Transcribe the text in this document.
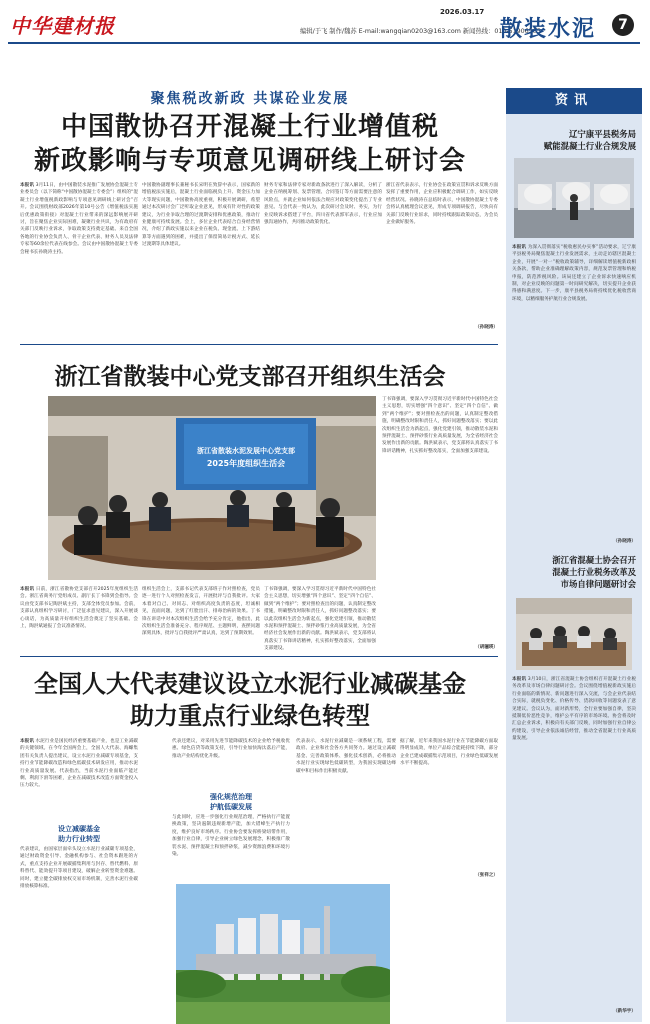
中华建材报
2026.03.17
编辑/于飞 制作/魏苏 E-mail:wangqian0203@163.com 新闻热线：010-51906505
散装水泥	7
聚焦税改新政 共谋砼业发展
中国散协召开混凝土行业增值税
新政影响与专项意见调研线上研讨会
本报讯 3月11日，由中国散装水泥推广发展协会混凝土专业委员会（以下简称“中国散协混凝土专委会”）组织的“混凝土行业增值税新政影响与专项意见调研线上研讨会”召开。会议围绕财政部2026年第10号公告《增值税法实施后优惠政策衔接》对混凝土行业带来的深远影响展开研讨，旨在聚焦企业实际困难，凝聚行业共识，为有政府有关部门反映行业诉求，争取政策支持奠定基础。来自全国各地的行业协会负责人、骨干企业代表、财务人员及法律专家等60余位代表在线参会。会议由中国散协混凝土专委会秘书长孙晓涛主持。
中国散协副理事长兼秘书长宋明在致辞中表示，国家新的增值税法实施后，混凝土行业面临税负上升、资金压力加大等现实问题，中国散协高度重视，积极开展调研，希望通过本次研讨会广泛听取企业意见，形成有针对性的政策建议，为行业争取合理的过渡期安排和优惠政策，推动行业健康可持续发展。会上，多位企业代表结合自身经营情况，介绍了新政实施以来企业在税负、现金流、上下游结算等方面遇到的困难，并提出了保留简易计税方式、延长过渡期等具体建议。
财务专家和法律专家对新政条款进行了深入解读，分析了企业在纳税筹划、发票管理、合同签订等方面需要注意的风险点，并就企业如何依法合规应对政策变化提出了专业意见。与会代表一致认为，此次研讨会及时、务实，为行业反映诉求搭建了平台，四川省代表郭军表示，行业应加强沟通协作，共同推动政策优化。
浙江省代表表示，行业协会在政策宣贯和诉求反映方面发挥了重要作用，企业应积极配合调研工作，如实反映经营状况。孙晓涛在总结时表示，中国散协混凝土专委会将认真梳理会议意见，形成专项调研报告，尽快向有关部门反映行业诉求，同时持续跟踪政策动态，为会员企业做好服务。
（孙晓涛）
浙江省散装中心党支部召开组织生活会
浙江省散装水泥发展中心党支部
2025年度组织生活会
本报讯 日前，浙江省散协党支部召开2025年度组织生活会。浙江省商务厅党组成员、副厅长丁书锋到会指导。会议由党支部书记陶洪斌主持，支部全体党员参加。会前，支部认真组织学习研讨，广泛征求意见建议，深入开展谈心谈话，为高质量开好组织生活会奠定了坚实基础。会上，陶洪斌通报了会议准备情况、
组织生活会上，支部书记代表支部班子作对照检查，党员逐一进行个人对照检查发言，开展批评与自我批评。大家本着对自己、对同志、对组织高度负责的态度，坦诚相见，直面问题，达到了红脸出汗、排毒治病的效果。丁书锋在讲话中对本次组织生活会给予充分肯定，他指出，此次组织生活会准备充分、程序规范、主题鲜明，查摆问题深刻具体，批评与自我批评严肃认真，达到了预期效果。
丁书锋强调，要深入学习贯彻习近平新时代中国特色社会主义思想，切实增强“四个意识”、坚定“四个自信”、做到“两个维护”；要对照检查出的问题，认真制定整改措施，明确整改时限和责任人，抓好问题整改落实；要以此次组织生活会为新起点，强化党建引领，推动散装水泥和预拌混凝土、预拌砂浆行业高质量发展，为全省经济社会发展作出新的贡献。陶洪斌表示，党支部将认真落实丁书锋讲话精神，扎实抓好整改落实，全面加强支部建设。
丁书锋强调，要深入学习贯彻习近平新时代中国特色社会主义思想，切实增强“四个意识”、坚定“四个自信”、做到“两个维护”；要对照检查出的问题，认真制定整改措施，明确整改时限和责任人，抓好问题整改落实；要以此次组织生活会为新起点，强化党建引领，推动散装水泥和预拌混凝土、预拌砂浆行业高质量发展，为全省经济社会发展作出新的贡献。陶洪斌表示，党支部将认真落实丁书锋讲话精神，扎实抓好整改落实，全面加强支部建设。
（胡骊瑛）
全国人大代表建议设立水泥行业减碳基金
助力重点行业绿色转型
本报讯 水泥行业是国民经济重要基础产业，也是工业减碳的关键领域。在今年全国两会上，全国人大代表、海螺集团有关负责人提出建议，设立水泥行业减碳专项基金，支持行业节能降碳改造和绿色低碳技术研发应用，推动水泥行业高质量发展。代表指出，当前水泥行业面临产能过剩、利润下滑等困难，企业在减碳技术改造方面资金投入压力较大。
设立减碳基金
助力行业转型
代表建议，由国家层面牵头设立水泥行业减碳专项基金，通过财政资金引导、金融机构参与、社会资本跟进的方式，重点支持企业开展碳捕集利用与封存、替代燃料、原料替代、能效提升等项目建设，破解企业转型资金难题。同时，建立健全碳排放权交易市场机制，完善水泥行业碳排放核算标准。
代表还建议，对采用先进节能降碳技术的企业给予税收优惠、绿色信贷等政策支持，引导行业加快淘汰落后产能，推动产业结构优化升级。
强化规范治理
护航低碳发展
与此同时，应进一步强化行业规范治理，严格执行产能置换政策，坚决遏制违规新增产能，加大错峰生产执行力度，维护良好市场秩序。行业协会要发挥桥梁纽带作用，加强行业自律，引导企业树立绿色发展理念，积极推广散装水泥、预拌混凝土和预拌砂浆，减少资源浪费和环境污染。
代表表示，水泥行业减碳是一项系统工程，需要政府、企业和社会各方共同努力。通过设立减碳基金、完善政策体系、强化技术创新，必将推动水泥行业实现绿色低碳转型，为我国实现碳达峰碳中和目标作出积极贡献。
据了解，近年来我国水泥行业在节能降碳方面取得明显成效，单位产品综合能耗持续下降，部分企业已建成碳捕集示范项目，行业绿色低碳发展水平不断提高。
（张祥之）
资讯
辽宁康平县税务局
赋能混凝土行业合规发展
本报讯 为深入贯彻落实“税收惠民办实事”活动要求，辽宁康平县税务局聚焦混凝土行业发展需求，主动走访辖区混凝土企业，开展“一对一”税收政策辅导，详细解读增值税新政相关条款，帮助企业准确理解政策内容，规范发票管理和纳税申报，防范涉税风险。该局还建立了企业诉求快速响应机制，对企业反映的问题第一时间研究解决，切实提升企业获得感和满意度。下一步，康平县税务局将持续优化税收营商环境，以精细服务护航行业合规发展。
（孙晓涛）
浙江省混凝土协会召开
混凝土行业税务改革及
市场自律问题研讨会
本报讯 3月10日，浙江省混凝土协会组织召开混凝土行业税务改革及市场自律问题研讨会。会议围绕增值税新政实施后行业面临的新情况、新问题进行深入交流，与会企业代表结合实际，就税负变化、价格传导、货款回收等问题发表了意见建议。会议认为，面对新形势，全行业要加强自律，坚决抵制低价恶性竞争，维护公平有序的市场环境。协会将及时汇总企业诉求，积极向有关部门反映，同时加强行业自律公约建设，引导企业依法诚信经营，推动全省混凝土行业高质量发展。
（新华宇）
